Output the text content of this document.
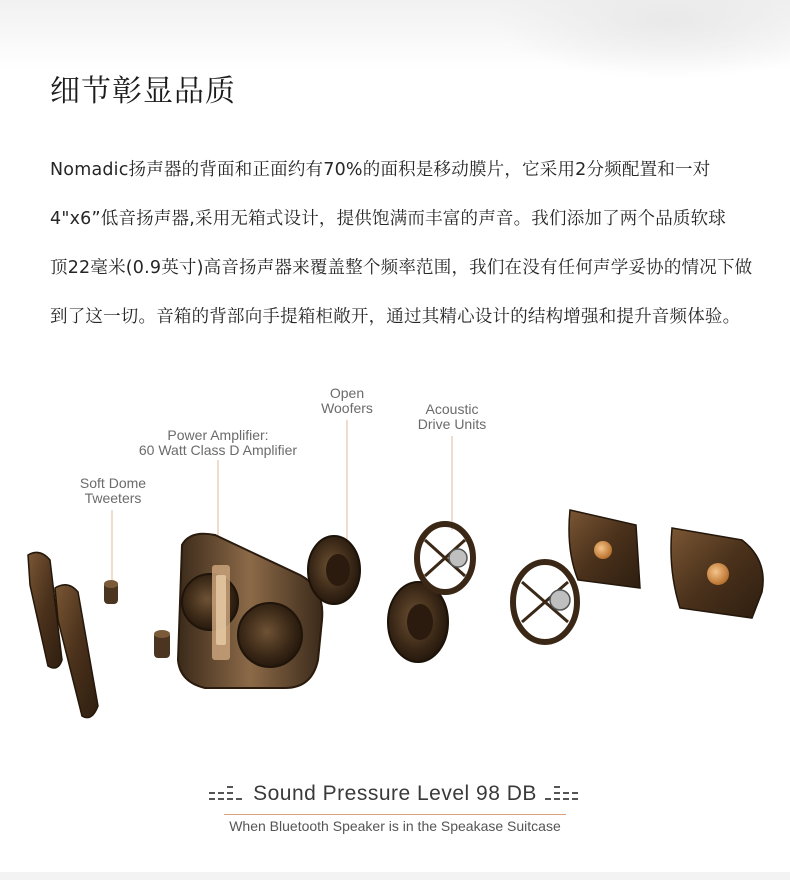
细节彰显品质

Nomadic扬声器的背面和正面约有70%的面积是移动膜片，它采用2分频配置和一对
4"x6”低音扬声器,采用无箱式设计，提供饱满而丰富的声音。我们添加了两个品质软球
顶22毫米(0.9英寸)高音扬声器来覆盖整个频率范围，我们在没有任何声学妥协的情况下做
到了这一切。音箱的背部向手提箱柜敞开，通过其精心设计的结构增强和提升音频体验。

Soft Dome
Tweeters
Power Amplifier:
60 Watt Class D Amplifier
Open
Woofers	Acoustic
Drive Units
Sound Pressure Level 98 DB
When Bluetooth Speaker is in the Speakase Suitcase
